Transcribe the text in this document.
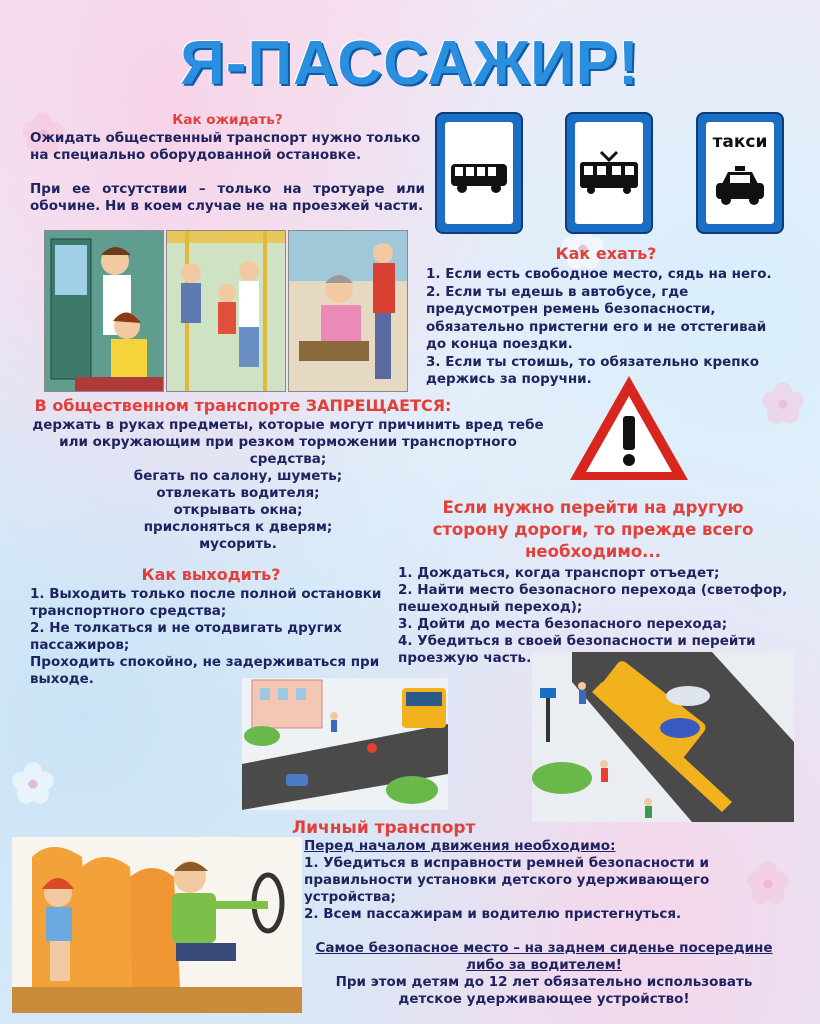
Я-ПАССАЖИР!
Как ожидать?
Ожидать общественный транспорт нужно только на специально оборудованной остановке.
При ее отсутствии – только на тротуаре или обочине. Ни в коем случае не на проезжей части.
такси
Как ехать?
1. Если есть свободное место, сядь на него.
2. Если ты едешь в автобусе, где предусмотрен ремень безопасности, обязательно пристегни его и не отстегивай до конца поездки.
3. Если ты стоишь, то обязательно крепко держись за поручни.
В общественном транспорте ЗАПРЕЩАЕТСЯ:
держать в руках предметы, которые могут причинить вред тебе или окружающим при резком торможении транспортного средства;
бегать по салону, шуметь;
отвлекать водителя;
открывать окна;
прислоняться к дверям;
мусорить.
Если нужно перейти на другую сторону дороги, то прежде всего необходимо...
1. Дождаться, когда транспорт отъедет;
2. Найти место безопасного перехода (светофор, пешеходный переход);
3. Дойти до места безопасного перехода;
4. Убедиться в своей безопасности и перейти проезжую часть.
Как выходить?
1. Выходить только после полной остановки транспортного средства;
2. Не толкаться и не отодвигать других пассажиров;
Проходить спокойно, не задерживаться при выходе.
Личный транспорт
Перед началом движения необходимо:
1. Убедиться в исправности ремней безопасности и правильности установки детского удерживающего устройства;
2. Всем пассажирам и водителю пристегнуться.
Самое безопасное место – на заднем сиденье посередине либо за водителем!
При этом детям до 12 лет обязательно использовать детское удерживающее устройство!
